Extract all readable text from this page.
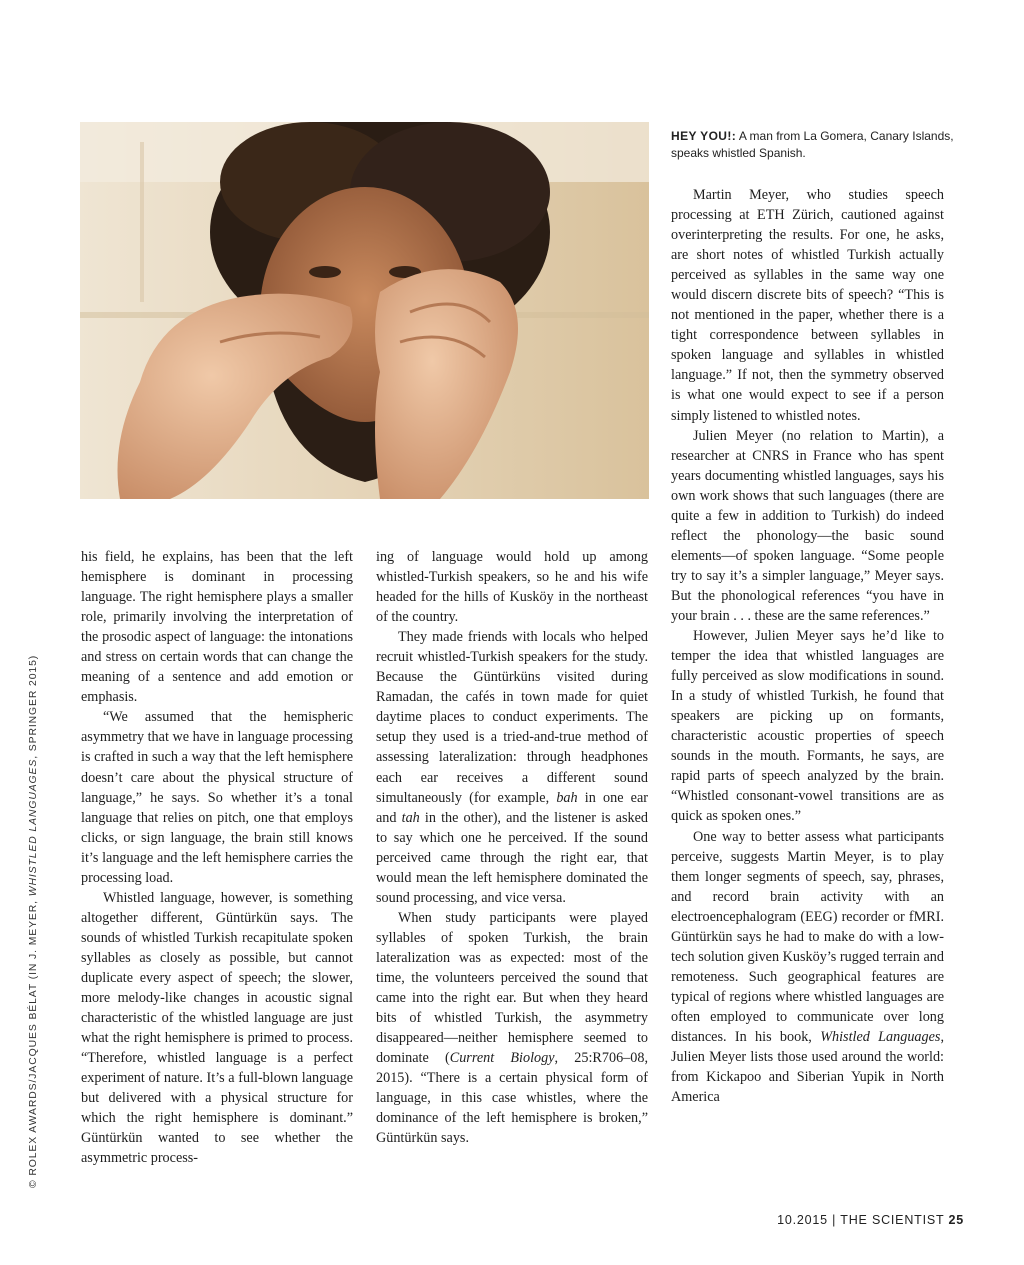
HEY YOU!: A man from La Gomera, Canary Islands, speaks whistled Spanish.
© ROLEX AWARDS/JACQUES BÉLAT (IN J. MEYER, WHISTLED LANGUAGES, SPRINGER 2015)

his field, he explains, has been that the left hemisphere is dominant in processing language. The right hemisphere plays a smaller role, primarily involving the interpretation of the prosodic aspect of language: the intonations and stress on certain words that can change the meaning of a sentence and add emotion or emphasis.

“We assumed that the hemispheric asymmetry that we have in language processing is crafted in such a way that the left hemisphere doesn’t care about the physical structure of language,” he says. So whether it’s a tonal language that relies on pitch, one that employs clicks, or sign language, the brain still knows it’s language and the left hemisphere carries the processing load.

Whistled language, however, is something altogether different, Güntürkün says. The sounds of whistled Turkish recapitulate spoken syllables as closely as possible, but cannot duplicate every aspect of speech; the slower, more melody-like changes in acoustic signal characteristic of the whistled language are just what the right hemisphere is primed to process. “Therefore, whistled language is a perfect experiment of nature. It’s a full-blown language but delivered with a physical structure for which the right hemisphere is dominant.” Güntürkün wanted to see whether the asymmetric process-

ing of language would hold up among whistled-Turkish speakers, so he and his wife headed for the hills of Kusköy in the northeast of the country.

They made friends with locals who helped recruit whistled-Turkish speakers for the study. Because the Güntürküns visited during Ramadan, the cafés in town made for quiet daytime places to conduct experiments. The setup they used is a tried-and-true method of assessing lateralization: through headphones each ear receives a different sound simultaneously (for example, bah in one ear and tah in the other), and the listener is asked to say which one he perceived. If the sound perceived came through the right ear, that would mean the left hemisphere dominated the sound processing, and vice versa.

When study participants were played syllables of spoken Turkish, the brain lateralization was as expected: most of the time, the volunteers perceived the sound that came into the right ear. But when they heard bits of whistled Turkish, the asymmetry disappeared—neither hemisphere seemed to dominate (Current Biology, 25:R706–08, 2015). “There is a certain physical form of language, in this case whistles, where the dominance of the left hemisphere is broken,” Güntürkün says.

Martin Meyer, who studies speech processing at ETH Zürich, cautioned against overinterpreting the results. For one, he asks, are short notes of whistled Turkish actually perceived as syllables in the same way one would discern discrete bits of speech? “This is not mentioned in the paper, whether there is a tight correspondence between syllables in spoken language and syllables in whistled language.” If not, then the symmetry observed is what one would expect to see if a person simply listened to whistled notes.

Julien Meyer (no relation to Martin), a researcher at CNRS in France who has spent years documenting whistled languages, says his own work shows that such languages (there are quite a few in addition to Turkish) do indeed reflect the phonology—the basic sound elements—of spoken language. “Some people try to say it’s a simpler language,” Meyer says. But the phonological references “you have in your brain . . . these are the same references.”

However, Julien Meyer says he’d like to temper the idea that whistled languages are fully perceived as slow modifications in sound. In a study of whistled Turkish, he found that speakers are picking up on formants, characteristic acoustic properties of speech sounds in the mouth. Formants, he says, are rapid parts of speech analyzed by the brain. “Whistled consonant-vowel transitions are as quick as spoken ones.”

One way to better assess what participants perceive, suggests Martin Meyer, is to play them longer segments of speech, say, phrases, and record brain activity with an electroencephalogram (EEG) recorder or fMRI. Güntürkün says he had to make do with a low-tech solution given Kusköy’s rugged terrain and remoteness. Such geographical features are typical of regions where whistled languages are often employed to communicate over long distances. In his book, Whistled Languages, Julien Meyer lists those used around the world: from Kickapoo and Siberian Yupik in North America

10.2015 | THE SCIENTIST 25
